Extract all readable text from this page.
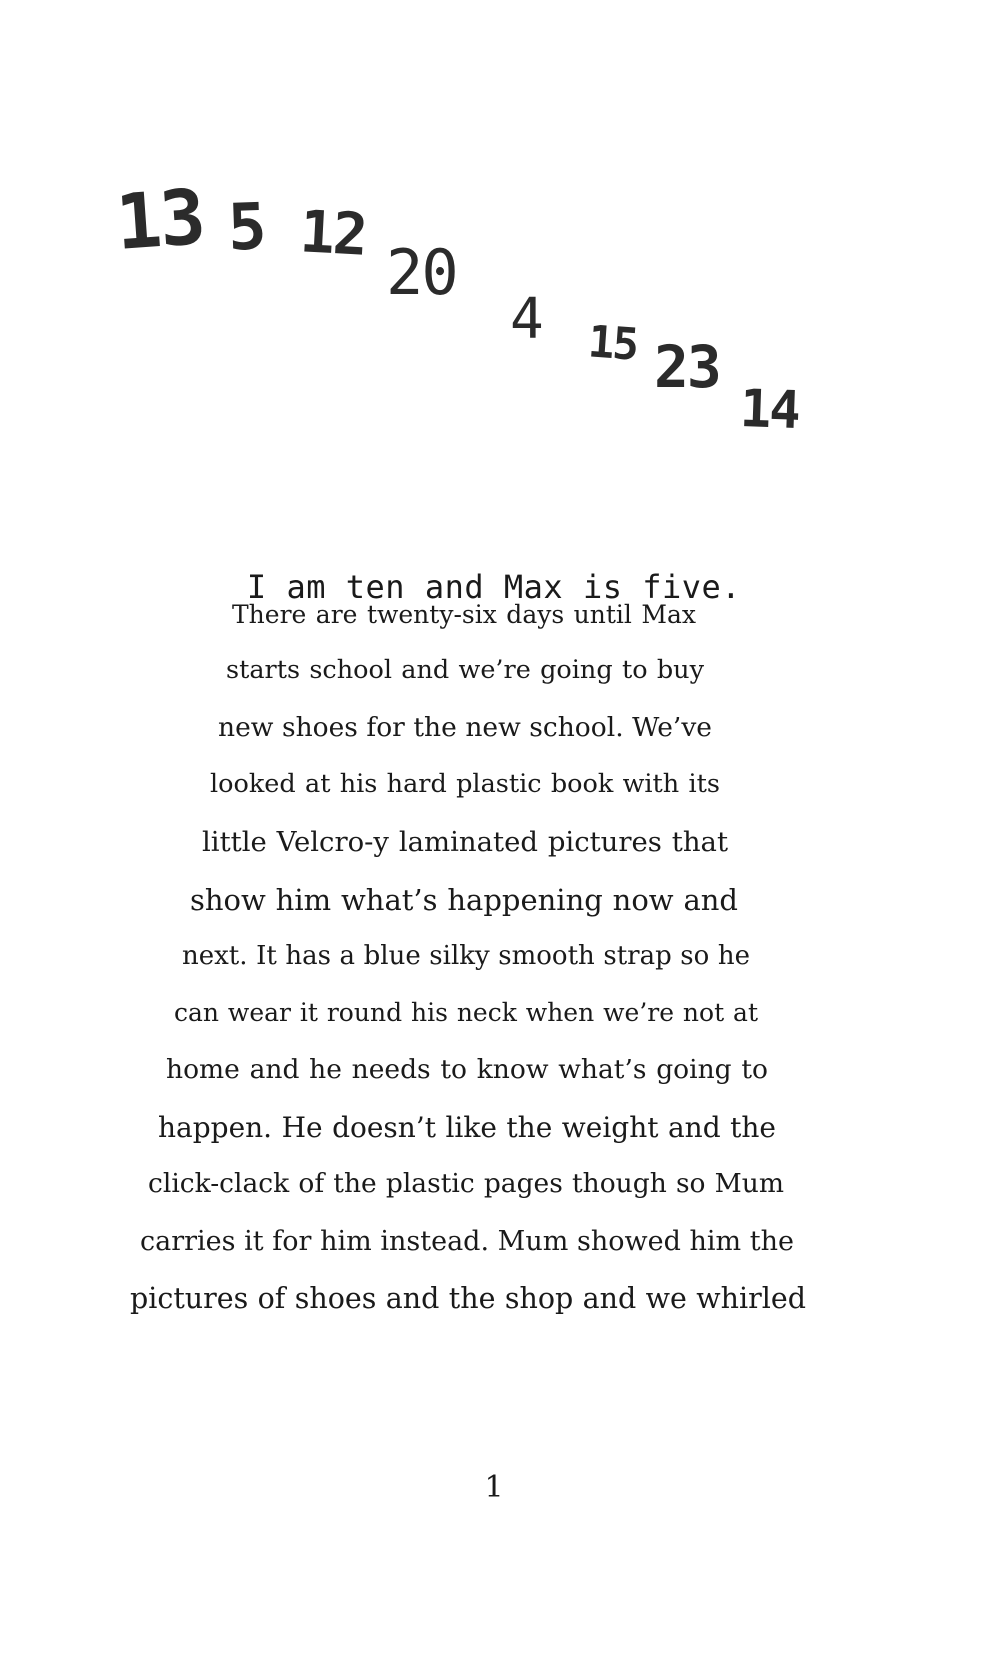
13 5 12
20
4 15 23
14
I am ten and Max is five.
There are twenty-six days until Max
starts school and we’re going to buy
new shoes for the new school. We’ve
looked at his hard plastic book with its
little Velcro-y laminated pictures that
show him what’s happening now and
next. It has a blue silky smooth strap so he
can wear it round his neck when we’re not at
home and he needs to know what’s going to
happen. He doesn’t like the weight and the
click-clack of the plastic pages though so Mum
carries it for him instead. Mum showed him the
pictures of shoes and the shop and we whirled
1
